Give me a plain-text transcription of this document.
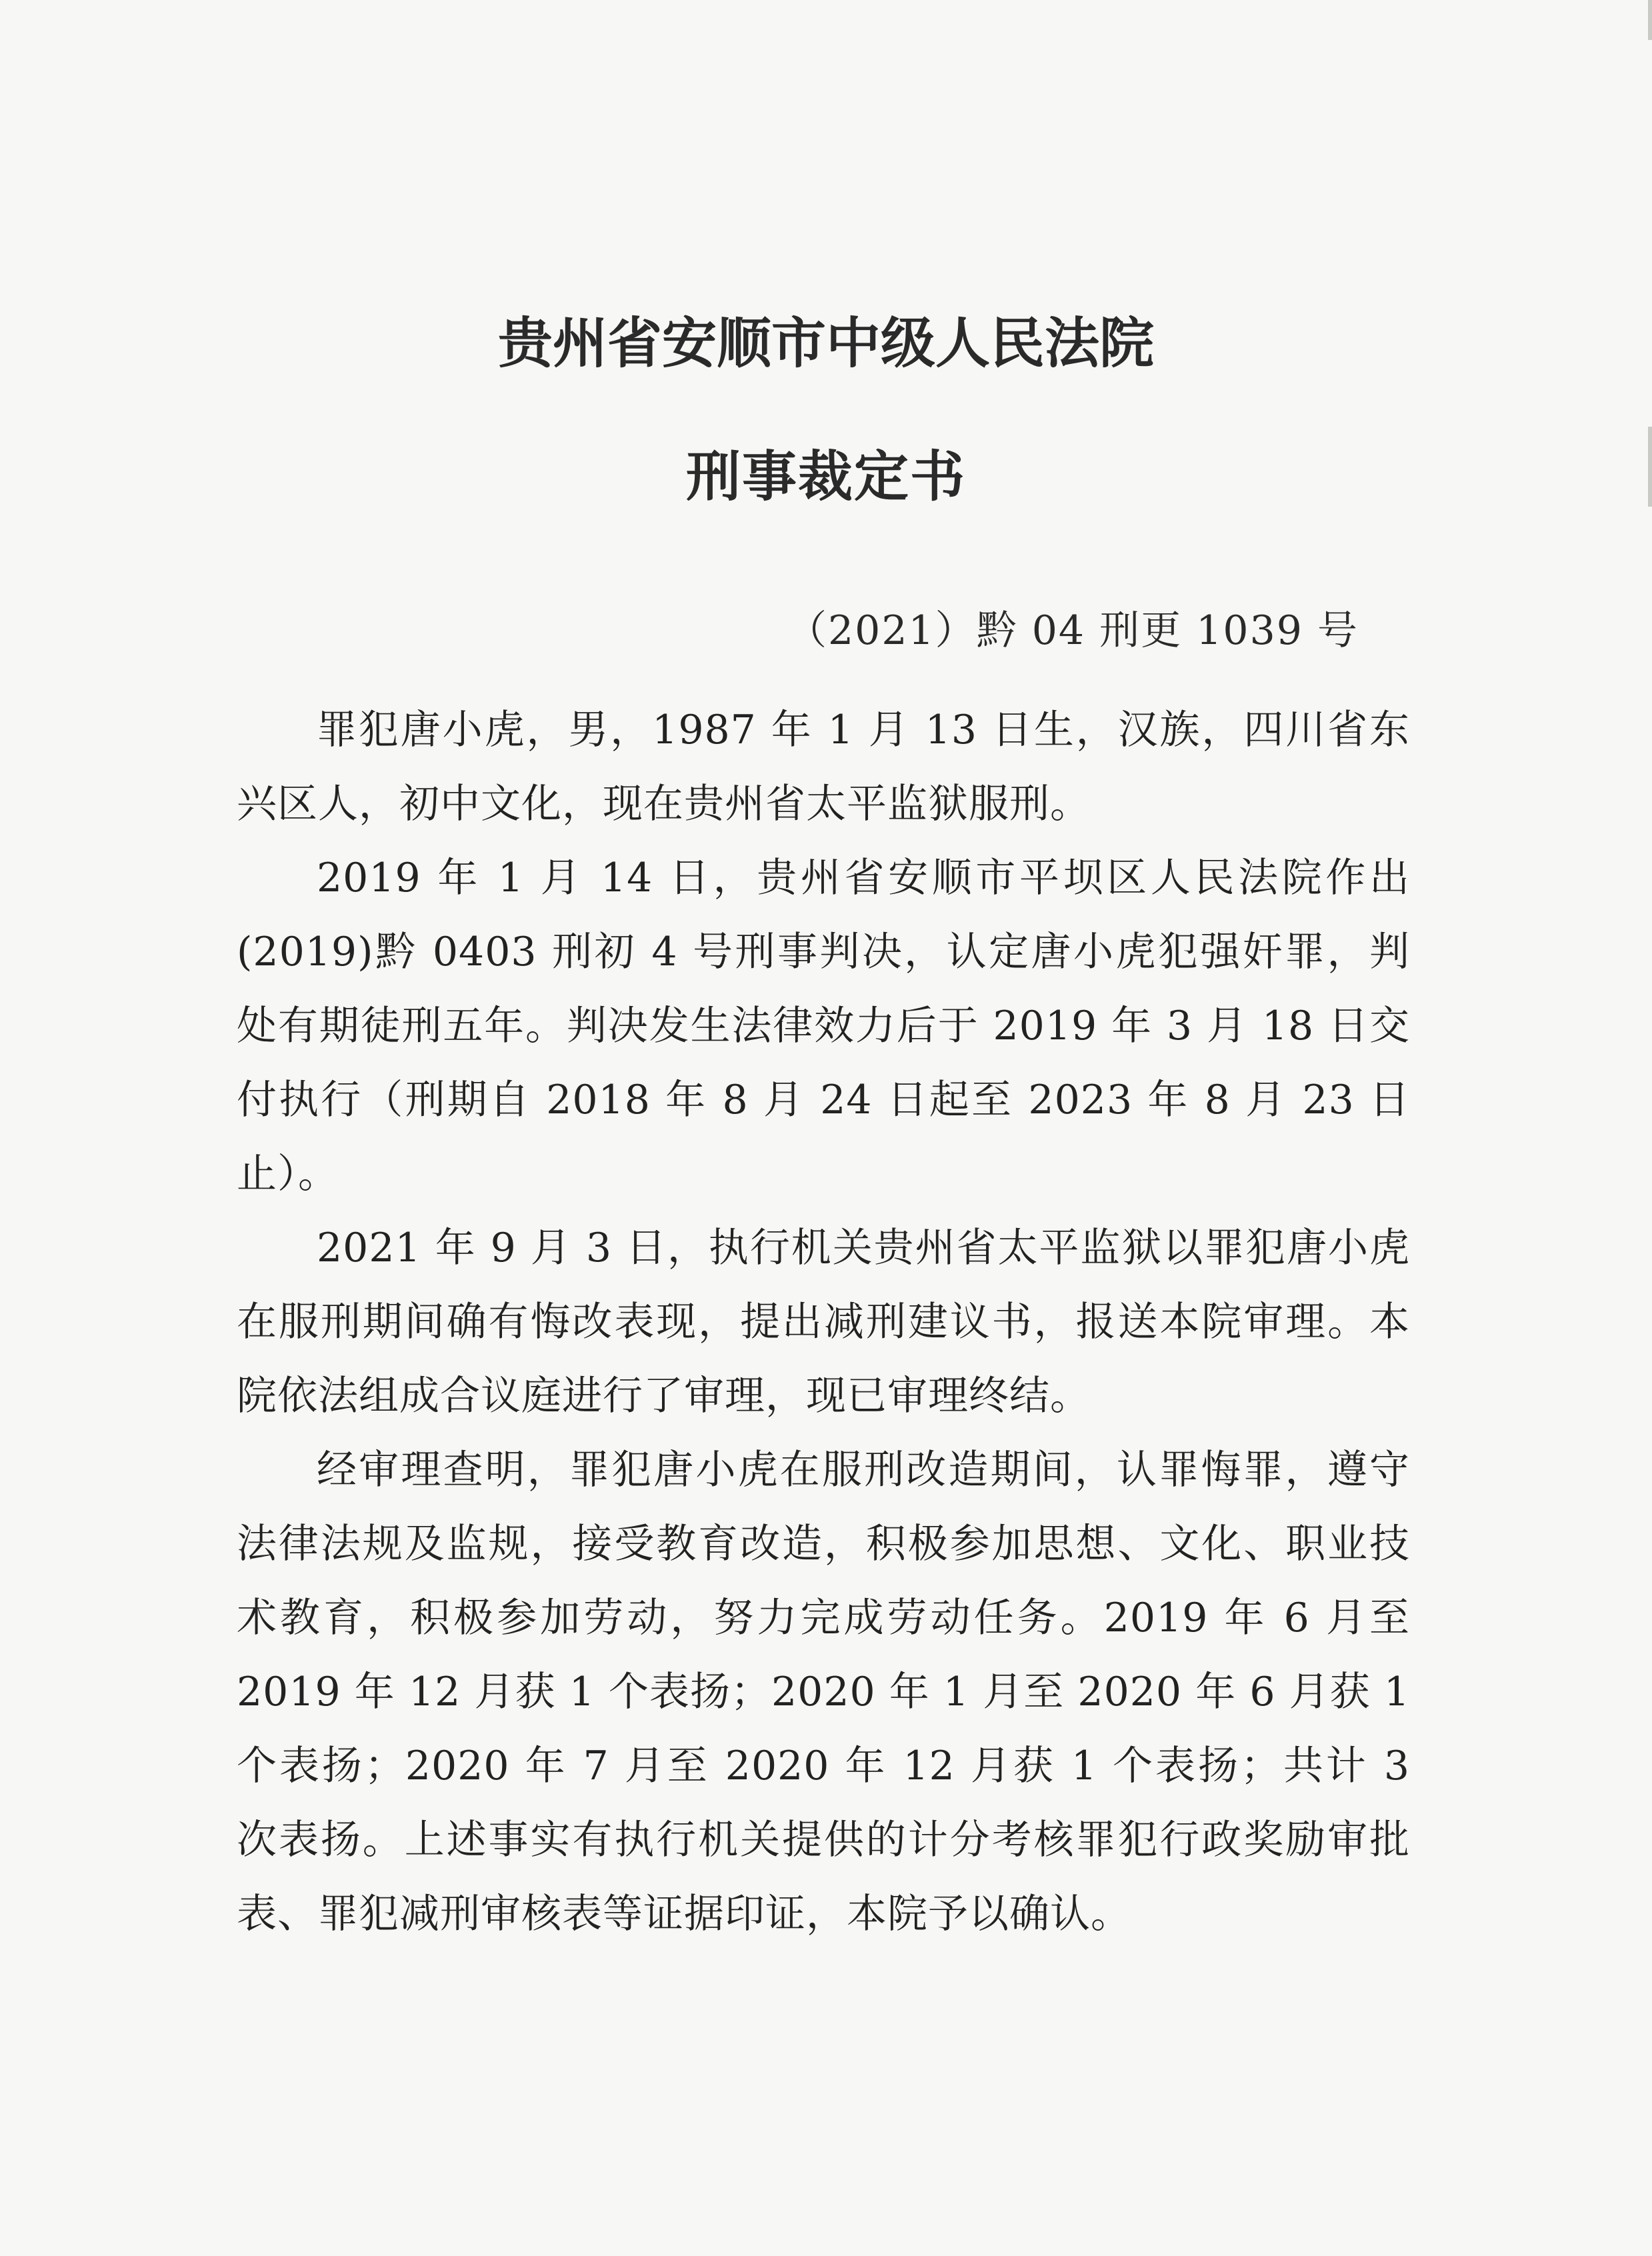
贵州省安顺市中级人民法院
刑事裁定书
（2021）黔 04 刑更 1039 号

罪犯唐小虎，男，1987 年 1 月 13 日生，汉族，四川省东兴区人，初中文化，现在贵州省太平监狱服刑。

2019 年 1 月 14 日，贵州省安顺市平坝区人民法院作出(2019)黔 0403 刑初 4 号刑事判决，认定唐小虎犯强奸罪，判处有期徒刑五年。判决发生法律效力后于 2019 年 3 月 18 日交付执行（刑期自 2018 年 8 月 24 日起至 2023 年 8 月 23 日止）。

2021 年 9 月 3 日，执行机关贵州省太平监狱以罪犯唐小虎在服刑期间确有悔改表现，提出减刑建议书，报送本院审理。本院依法组成合议庭进行了审理，现已审理终结。

经审理查明，罪犯唐小虎在服刑改造期间，认罪悔罪，遵守法律法规及监规，接受教育改造，积极参加思想、文化、职业技术教育，积极参加劳动，努力完成劳动任务。2019 年 6 月至 2019 年 12 月获 1 个表扬；2020 年 1 月至 2020 年 6 月获 1 个表扬；2020 年 7 月至 2020 年 12 月获 1 个表扬；共计 3 次表扬。上述事实有执行机关提供的计分考核罪犯行政奖励审批表、罪犯减刑审核表等证据印证，本院予以确认。
